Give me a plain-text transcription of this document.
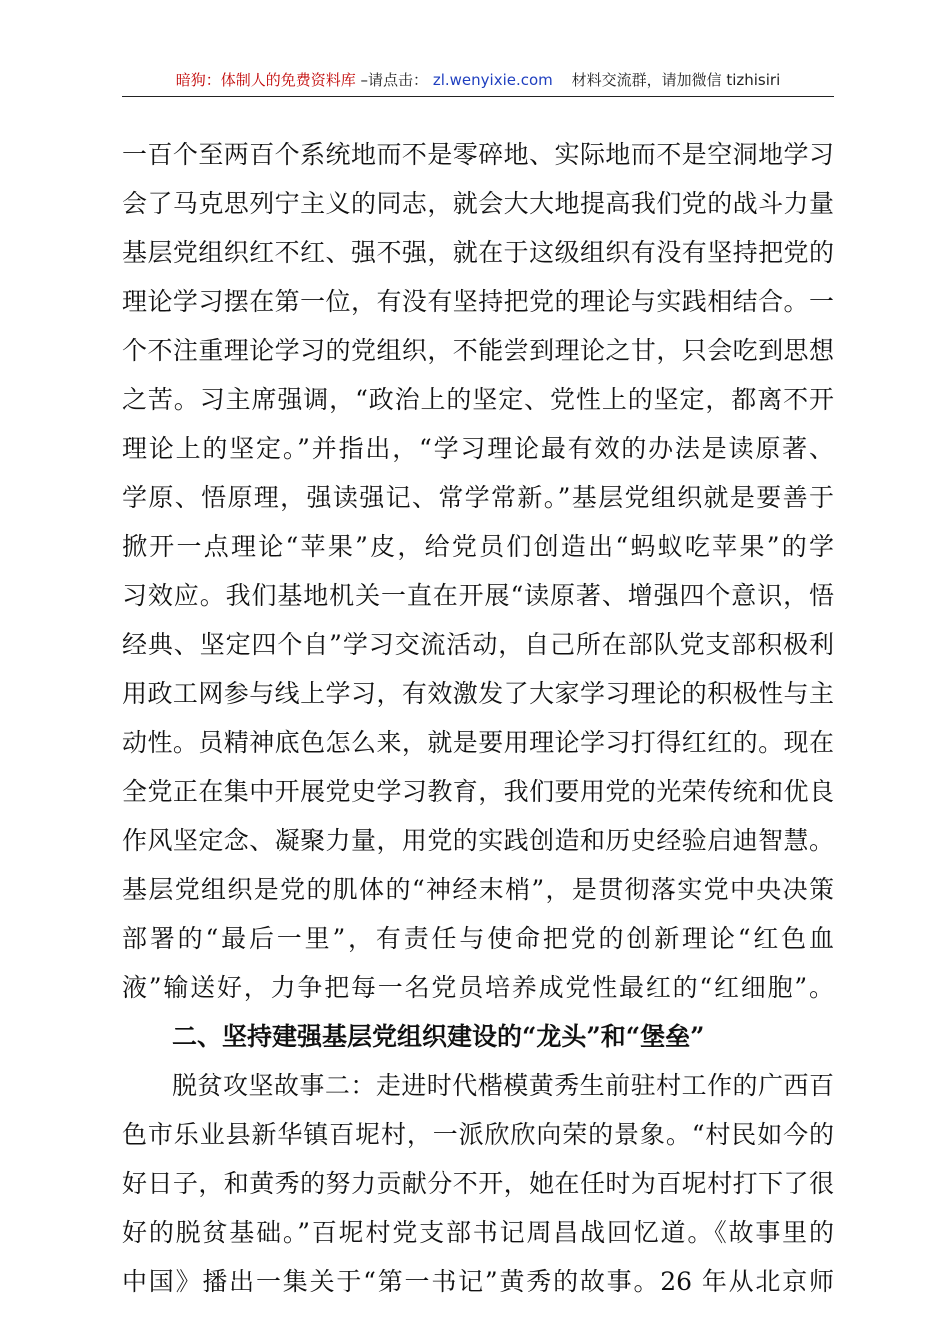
暗狗：体制人的免费资料库 –请点击： zl.wenyixie.com 材料交流群，请加微信 tizhisiri
一百个至两百个系统地而不是零碎地、实际地而不是空洞地学习
会了马克思列宁主义的同志，就会大大地提高我们党的战斗力量
基层党组织红不红、强不强，就在于这级组织有没有坚持把党的
理论学习摆在第一位，有没有坚持把党的理论与实践相结合。一
个不注重理论学习的党组织，不能尝到理论之甘，只会吃到思想
之苦。习主席强调，“政治上的坚定、党性上的坚定，都离不开
理论上的坚定。”并指出，“学习理论最有效的办法是读原著、
学原、悟原理，强读强记、常学常新。”基层党组织就是要善于
掀开一点理论“苹果”皮，给党员们创造出“蚂蚁吃苹果”的学
习效应。我们基地机关一直在开展“读原著、增强四个意识，悟
经典、坚定四个自”学习交流活动，自己所在部队党支部积极利
用政工网参与线上学习，有效激发了大家学习理论的积极性与主
动性。员精神底色怎么来，就是要用理论学习打得红红的。现在
全党正在集中开展党史学习教育，我们要用党的光荣传统和优良
作风坚定念、凝聚力量，用党的实践创造和历史经验启迪智慧。
基层党组织是党的肌体的“神经末梢”，是贯彻落实党中央决策
部署的“最后一里”，有责任与使命把党的创新理论“红色血
液”输送好，力争把每一名党员培养成党性最红的“红细胞”。
二、坚持建强基层党组织建设的“龙头”和“堡垒”
脱贫攻坚故事二：走进时代楷模黄秀生前驻村工作的广西百
色市乐业县新华镇百坭村，一派欣欣向荣的景象。“村民如今的
好日子，和黄秀的努力贡献分不开，她在任时为百坭村打下了很
好的脱贫基础。”百坭村党支部书记周昌战回忆道。《故事里的
中国》播出一集关于“第一书记”黄秀的故事。26 年从北京师
